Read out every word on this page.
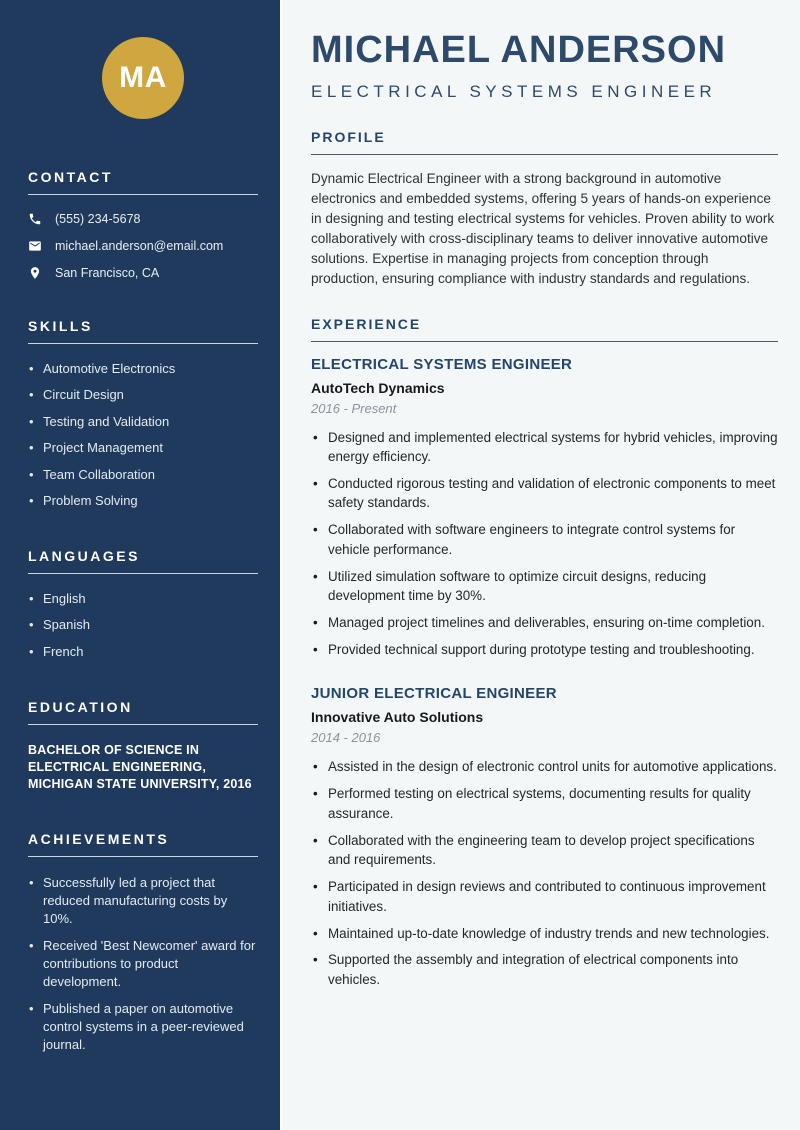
MA
CONTACT
(555) 234-5678
michael.anderson@email.com
San Francisco, CA
SKILLS
• Automotive Electronics
• Circuit Design
• Testing and Validation
• Project Management
• Team Collaboration
• Problem Solving
LANGUAGES
• English
• Spanish
• French
EDUCATION
BACHELOR OF SCIENCE IN ELECTRICAL ENGINEERING, MICHIGAN STATE UNIVERSITY, 2016
ACHIEVEMENTS
• Successfully led a project that reduced manufacturing costs by 10%.
• Received 'Best Newcomer' award for contributions to product development.
• Published a paper on automotive control systems in a peer-reviewed journal.
MICHAEL ANDERSON
ELECTRICAL SYSTEMS ENGINEER
PROFILE

Dynamic Electrical Engineer with a strong background in automotive electronics and embedded systems, offering 5 years of hands-on experience in designing and testing electrical systems for vehicles. Proven ability to work collaboratively with cross-disciplinary teams to deliver innovative automotive solutions. Expertise in managing projects from conception through production, ensuring compliance with industry standards and regulations.

EXPERIENCE
ELECTRICAL SYSTEMS ENGINEER
AutoTech Dynamics
2016 - Present
• Designed and implemented electrical systems for hybrid vehicles, improving energy efficiency.
• Conducted rigorous testing and validation of electronic components to meet safety standards.
• Collaborated with software engineers to integrate control systems for vehicle performance.
• Utilized simulation software to optimize circuit designs, reducing development time by 30%.
• Managed project timelines and deliverables, ensuring on-time completion.
• Provided technical support during prototype testing and troubleshooting.
JUNIOR ELECTRICAL ENGINEER
Innovative Auto Solutions
2014 - 2016
• Assisted in the design of electronic control units for automotive applications.
• Performed testing on electrical systems, documenting results for quality assurance.
• Collaborated with the engineering team to develop project specifications and requirements.
• Participated in design reviews and contributed to continuous improvement initiatives.
• Maintained up-to-date knowledge of industry trends and new technologies.
• Supported the assembly and integration of electrical components into vehicles.
